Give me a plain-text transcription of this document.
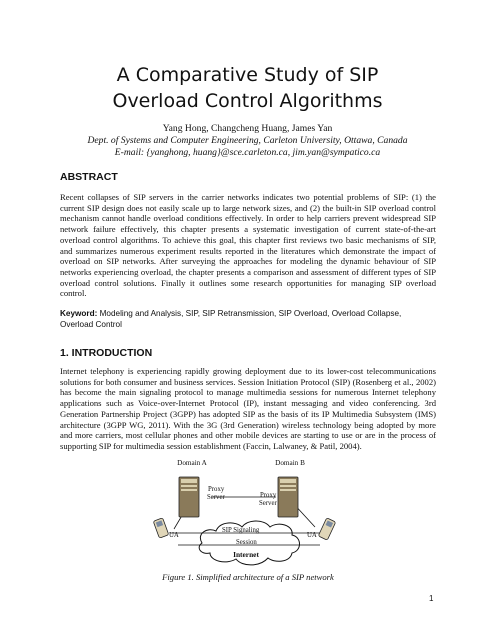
A Comparative Study of SIP
Overload Control Algorithms
Yang Hong, Changcheng Huang, James Yan
Dept. of Systems and Computer Engineering, Carleton University, Ottawa, Canada
E-mail: {yanghong, huang}@sce.carleton.ca, jim.yan@sympatico.ca
ABSTRACT

Recent collapses of SIP servers in the carrier networks indicates two potential problems of SIP: (1) the current SIP design does not easily scale up to large network sizes, and (2) the built-in SIP overload control mechanism cannot handle overload conditions effectively. In order to help carriers prevent widespread SIP network failure effectively, this chapter presents a systematic investigation of current state-of-the-art overload control algorithms. To achieve this goal, this chapter first reviews two basic mechanisms of SIP, and summarizes numerous experiment results reported in the literatures which demonstrate the impact of overload on SIP networks. After surveying the approaches for modeling the dynamic behaviour of SIP networks experiencing overload, the chapter presents a comparison and assessment of different types of SIP overload control solutions. Finally it outlines some research opportunities for managing SIP overload control.

Keyword: Modeling and Analysis, SIP, SIP Retransmission, SIP Overload, Overload Collapse, Overload Control
1. INTRODUCTION

Internet telephony is experiencing rapidly growing deployment due to its lower-cost telecommunications solutions for both consumer and business services. Session Initiation Protocol (SIP) (Rosenberg et al., 2002) has become the main signaling protocol to manage multimedia sessions for numerous Internet telephony applications such as Voice-over-Internet Protocol (IP), instant messaging and video conferencing. 3rd Generation Partnership Project (3GPP) has adopted SIP as the basis of its IP Multimedia Subsystem (IMS) architecture (3GPP WG, 2011). With the 3G (3rd Generation) wireless technology being adopted by more and more carriers, most cellular phones and other mobile devices are starting to use or are in the process of supporting SIP for multimedia session establishment (Faccin, Lalwaney, & Patil, 2004).

Domain A	Domain B
Proxy
Server	Proxy
Server
UA	UA
SIP Signaling
Session
Internet
Figure 1. Simplified architecture of a SIP network
1
